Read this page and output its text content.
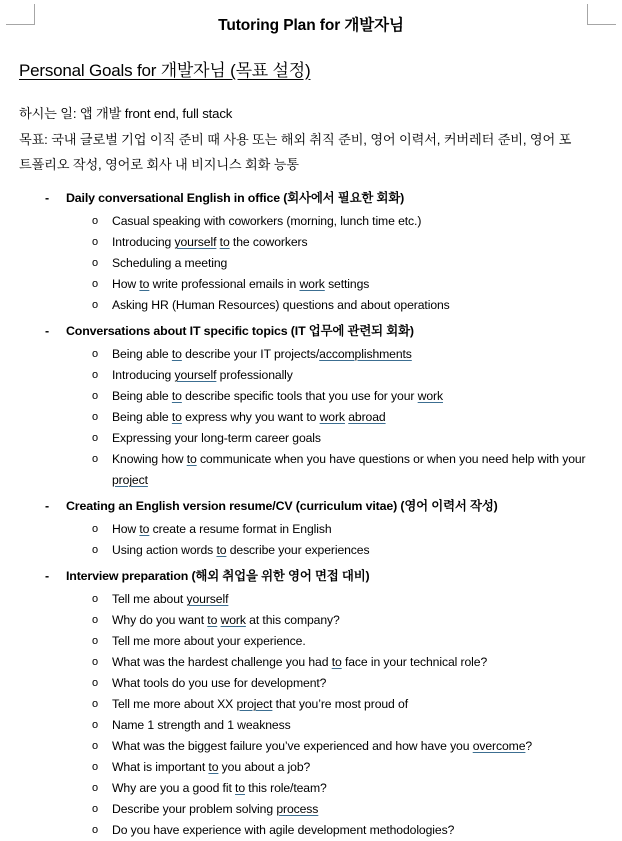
Tutoring Plan for 개발자님
Personal Goals for 개발자님 (목표 설정)
하시는 일: 앱 개발 front end, full stack
목표: 국내 글로벌 기업 이직 준비 때 사용 또는 해외 취직 준비, 영어 이력서, 커버레터 준비, 영어 포트폴리오 작성, 영어로 회사 내 비지니스 회화 능통
- Daily conversational English in office (회사에서 필요한 회화)
o Casual speaking with coworkers (morning, lunch time etc.)
o Introducing yourself to the coworkers
o Scheduling a meeting
o How to write professional emails in work settings
o Asking HR (Human Resources) questions and about operations
- Conversations about IT specific topics (IT 업무에 관련되 회화)
o Being able to describe your IT projects/accomplishments
o Introducing yourself professionally
o Being able to describe specific tools that you use for your work
o Being able to express why you want to work abroad
o Expressing your long-term career goals
o Knowing how to communicate when you have questions or when you need help with your project
- Creating an English version resume/CV (curriculum vitae) (영어 이력서 작성)
o How to create a resume format in English
o Using action words to describe your experiences
- Interview preparation (해외 취업을 위한 영어 면접 대비)
o Tell me about yourself
o Why do you want to work at this company?
o Tell me more about your experience.
o What was the hardest challenge you had to face in your technical role?
o What tools do you use for development?
o Tell me more about XX project that you’re most proud of
o Name 1 strength and 1 weakness
o What was the biggest failure you’ve experienced and how have you overcome?
o What is important to you about a job?
o Why are you a good fit to this role/team?
o Describe your problem solving process
o Do you have experience with agile development methodologies?
